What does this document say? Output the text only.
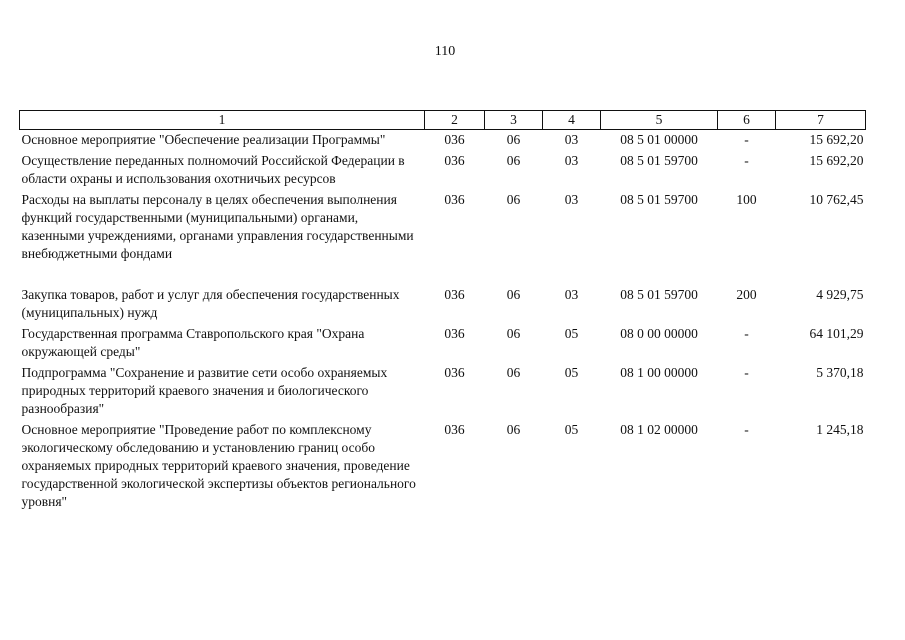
110
1	2	3	4	5	6	7
Основное мероприятие "Обеспечение реализации Программы"	036	06	03	08 5 01 00000	-	15 692,20
Осуществление переданных полномочий Российской Федерации в области охраны и использования охотничьих ресурсов	036	06	03	08 5 01 59700	-	15 692,20
Расходы на выплаты персоналу в целях обеспечения выполнения функций государственными (муниципальными) органами, казенными учреждениями, органами управления государственными внебюджетными фондами	036	06	03	08 5 01 59700	100	10 762,45
Закупка товаров, работ и услуг для обеспечения государственных (муниципальных) нужд	036	06	03	08 5 01 59700	200	4 929,75
Государственная программа Ставропольского края "Охрана окружающей среды"	036	06	05	08 0 00 00000	-	64 101,29
Подпрограмма "Сохранение и развитие сети особо охраняемых природных территорий краевого значения и биологического разнообразия"	036	06	05	08 1 00 00000	-	5 370,18
Основное мероприятие "Проведение работ по комплексному экологическому обследованию и установлению границ особо охраняемых природных территорий краевого значения, проведение государственной экологической экспертизы объектов регионального уровня"	036	06	05	08 1 02 00000	-	1 245,18
